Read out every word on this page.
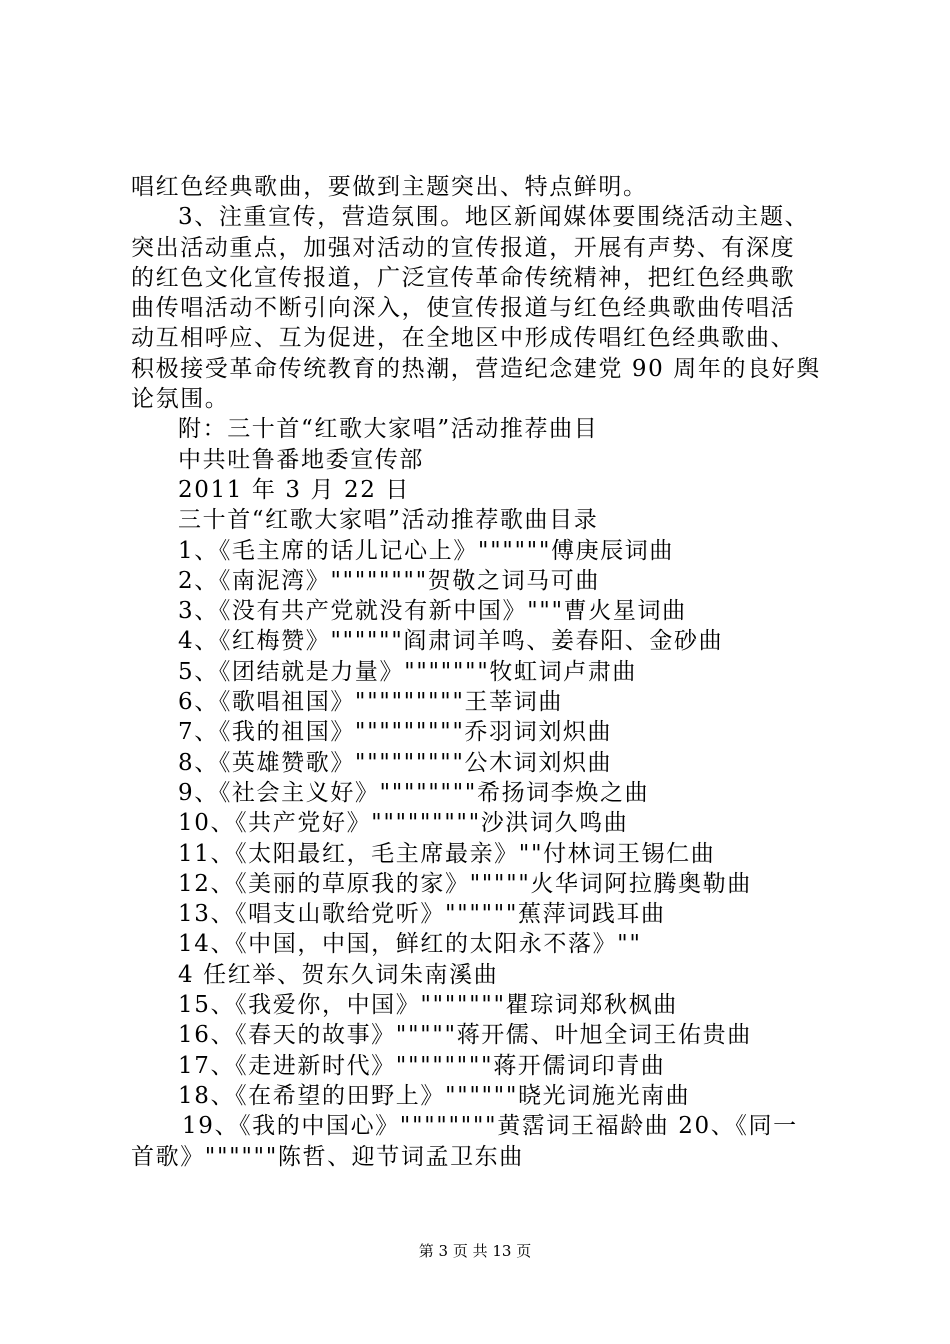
唱红色经典歌曲，要做到主题突出、特点鲜明。
3、注重宣传，营造氛围。地区新闻媒体要围绕活动主题、
突出活动重点，加强对活动的宣传报道，开展有声势、有深度
的红色文化宣传报道，广泛宣传革命传统精神，把红色经典歌
曲传唱活动不断引向深入，使宣传报道与红色经典歌曲传唱活
动互相呼应、互为促进，在全地区中形成传唱红色经典歌曲、
积极接受革命传统教育的热潮，营造纪念建党 90 周年的良好舆
论氛围。
附：三十首“红歌大家唱”活动推荐曲目
中共吐鲁番地委宣传部
2011 年 3 月 22 日
三十首“红歌大家唱”活动推荐歌曲目录
1、《毛主席的话儿记心上》""""""傅庚辰词曲
2、《南泥湾》""""""""贺敬之词马可曲
3、《没有共产党就没有新中国》"""曹火星词曲
4、《红梅赞》""""""阎肃词羊鸣、姜春阳、金砂曲
5、《团结就是力量》"""""""牧虹词卢肃曲
6、《歌唱祖国》"""""""""王莘词曲
7、《我的祖国》"""""""""乔羽词刘炽曲
8、《英雄赞歌》"""""""""公木词刘炽曲
9、《社会主义好》""""""""希扬词李焕之曲
10、《共产党好》"""""""""沙洪词久鸣曲
11、《太阳最红，毛主席最亲》""付林词王锡仁曲
12、《美丽的草原我的家》"""""火华词阿拉腾奥勒曲
13、《唱支山歌给党听》""""""蕉萍词践耳曲
14、《中国，中国，鲜红的太阳永不落》""
4 任红举、贺东久词朱南溪曲
15、《我爱你，中国》"""""""瞿琮词郑秋枫曲
16、《春天的故事》"""""蒋开儒、叶旭全词王佑贵曲
17、《走进新时代》""""""""蒋开儒词印青曲
18、《在希望的田野上》""""""晓光词施光南曲
19、《我的中国心》""""""""黄霑词王福龄曲 20、《同一
首歌》""""""陈哲、迎节词孟卫东曲
第 3 页 共 13 页
